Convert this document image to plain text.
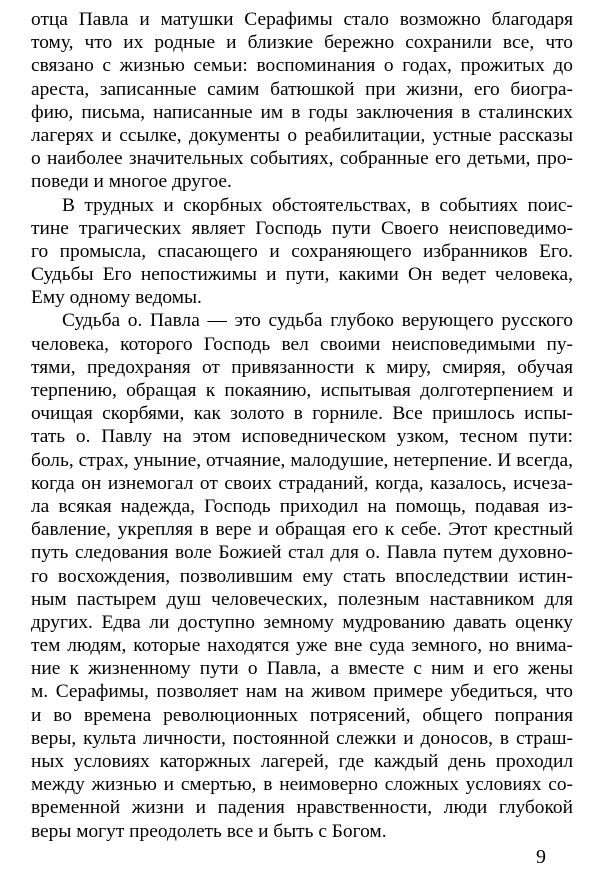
отца Павла и матушки Серафимы стало возможно благодаря
тому, что их родные и близкие бережно сохранили все, что
связано с жизнью семьи: воспоминания о годах, прожитых до
ареста, записанные самим батюшкой при жизни, его биогра-
фию, письма, написанные им в годы заключения в сталинских
лагерях и ссылке, документы о реабилитации, устные рассказы
о наиболее значительных событиях, собранные его детьми, про-
поведи и многое другое.
В трудных и скорбных обстоятельствах, в событиях поис-
тине трагических являет Господь пути Своего неисповедимо-
го промысла, спасающего и сохраняющего избранников Его.
Судьбы Его непостижимы и пути, какими Он ведет человека,
Ему одному ведомы.
Судьба о. Павла — это судьба глубоко верующего русского
человека, которого Господь вел своими неисповедимыми пу-
тями, предохраняя от привязанности к миру, смиряя, обучая
терпению, обращая к покаянию, испытывая долготерпением и
очищая скорбями, как золото в горниле. Все пришлось испы-
тать о. Павлу на этом исповедническом узком, тесном пути:
боль, страх, уныние, отчаяние, малодушие, нетерпение. И всегда,
когда он изнемогал от своих страданий, когда, казалось, исчеза-
ла всякая надежда, Господь приходил на помощь, подавая из-
бавление, укрепляя в вере и обращая его к себе. Этот крестный
путь следования воле Божией стал для о. Павла путем духовно-
го восхождения, позволившим ему стать впоследствии истин-
ным пастырем душ человеческих, полезным наставником для
других. Едва ли доступно земному мудрованию давать оценку
тем людям, которые находятся уже вне суда земного, но внима-
ние к жизненному пути о Павла, а вместе с ним и его жены
м. Серафимы, позволяет нам на живом примере убедиться, что
и во времена революционных потрясений, общего попрания
веры, культа личности, постоянной слежки и доносов, в страш-
ных условиях каторжных лагерей, где каждый день проходил
между жизнью и смертью, в неимоверно сложных условиях со-
временной жизни и падения нравственности, люди глубокой
веры могут преодолеть все и быть с Богом.
9
